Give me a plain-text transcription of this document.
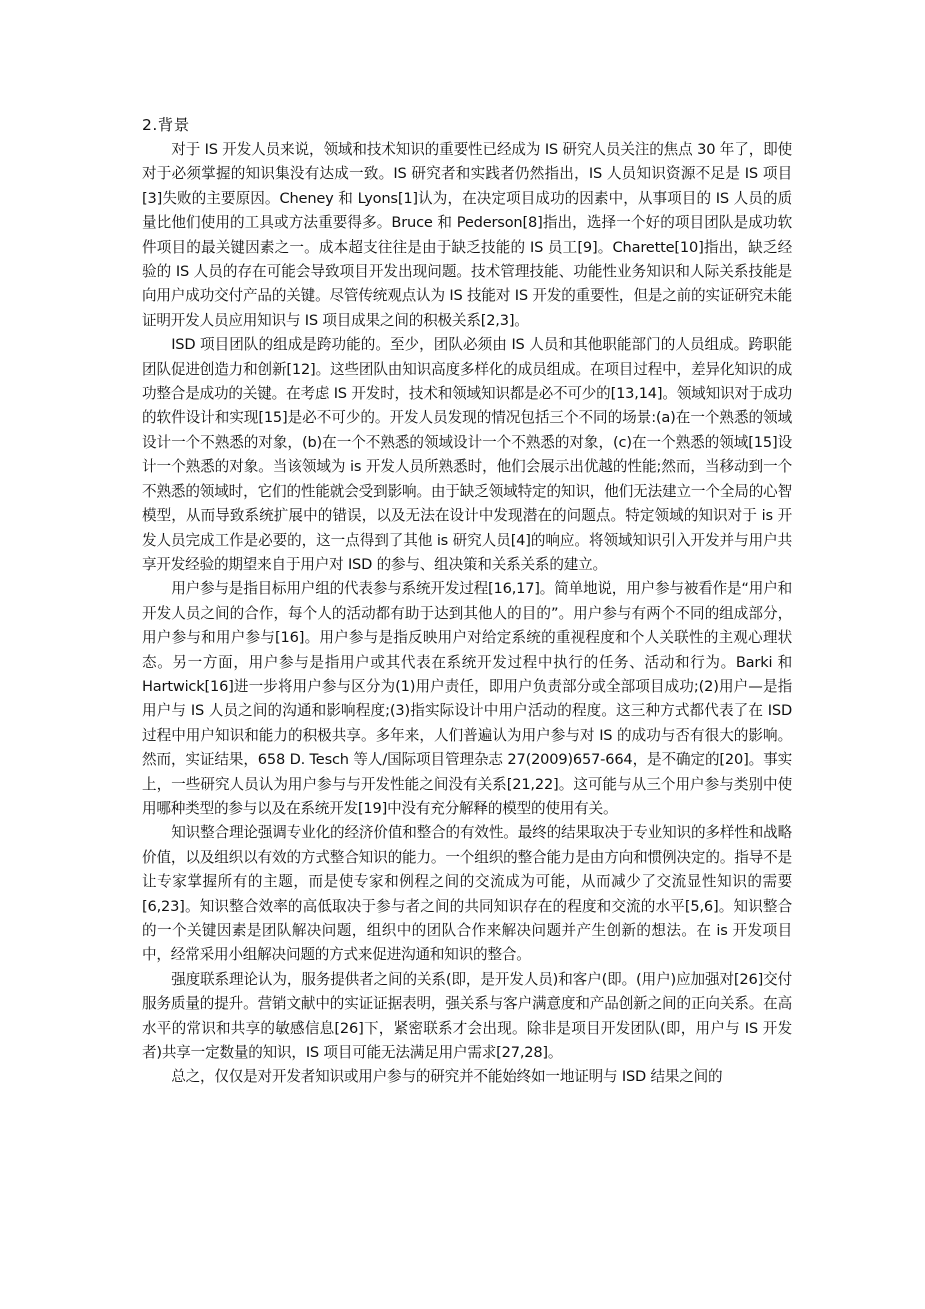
2.背景

对于 IS 开发人员来说，领域和技术知识的重要性已经成为 IS 研究人员关注的焦点 30 年了，即使对于必须掌握的知识集没有达成一致。IS 研究者和实践者仍然指出，IS 人员知识资源不足是 IS 项目[3]失败的主要原因。Cheney 和 Lyons[1]认为，在决定项目成功的因素中，从事项目的 IS 人员的质量比他们使用的工具或方法重要得多。Bruce 和 Pederson[8]指出，选择一个好的项目团队是成功软件项目的最关键因素之一。成本超支往往是由于缺乏技能的 IS 员工[9]。Charette[10]指出，缺乏经验的 IS 人员的存在可能会导致项目开发出现问题。技术管理技能、功能性业务知识和人际关系技能是向用户成功交付产品的关键。尽管传统观点认为 IS 技能对 IS 开发的重要性，但是之前的实证研究未能证明开发人员应用知识与 IS 项目成果之间的积极关系[2,3]。

ISD 项目团队的组成是跨功能的。至少，团队必须由 IS 人员和其他职能部门的人员组成。跨职能团队促进创造力和创新[12]。这些团队由知识高度多样化的成员组成。在项目过程中，差异化知识的成功整合是成功的关键。在考虑 IS 开发时，技术和领域知识都是必不可少的[13,14]。领域知识对于成功的软件设计和实现[15]是必不可少的。开发人员发现的情况包括三个不同的场景:(a)在一个熟悉的领域设计一个不熟悉的对象，(b)在一个不熟悉的领域设计一个不熟悉的对象，(c)在一个熟悉的领域[15]设计一个熟悉的对象。当该领域为 is 开发人员所熟悉时，他们会展示出优越的性能;然而，当移动到一个不熟悉的领域时，它们的性能就会受到影响。由于缺乏领域特定的知识，他们无法建立一个全局的心智模型，从而导致系统扩展中的错误，以及无法在设计中发现潜在的问题点。特定领域的知识对于 is 开发人员完成工作是必要的，这一点得到了其他 is 研究人员[4]的响应。将领域知识引入开发并与用户共享开发经验的期望来自于用户对 ISD 的参与、组决策和关系关系的建立。

用户参与是指目标用户组的代表参与系统开发过程[16,17]。简单地说，用户参与被看作是“用户和开发人员之间的合作，每个人的活动都有助于达到其他人的目的”。用户参与有两个不同的组成部分，用户参与和用户参与[16]。用户参与是指反映用户对给定系统的重视程度和个人关联性的主观心理状态。另一方面，用户参与是指用户或其代表在系统开发过程中执行的任务、活动和行为。Barki 和 Hartwick[16]进一步将用户参与区分为(1)用户责任，即用户负责部分或全部项目成功;(2)用户—是指用户与 IS 人员之间的沟通和影响程度;(3)指实际设计中用户活动的程度。这三种方式都代表了在 ISD 过程中用户知识和能力的积极共享。多年来，人们普遍认为用户参与对 IS 的成功与否有很大的影响。然而，实证结果，658 D. Tesch 等人/国际项目管理杂志 27(2009)657-664，是不确定的[20]。事实上，一些研究人员认为用户参与与开发性能之间没有关系[21,22]。这可能与从三个用户参与类别中使用哪种类型的参与以及在系统开发[19]中没有充分解释的模型的使用有关。

知识整合理论强调专业化的经济价值和整合的有效性。最终的结果取决于专业知识的多样性和战略价值，以及组织以有效的方式整合知识的能力。一个组织的整合能力是由方向和惯例决定的。指导不是让专家掌握所有的主题，而是使专家和例程之间的交流成为可能，从而减少了交流显性知识的需要[6,23]。知识整合效率的高低取决于参与者之间的共同知识存在的程度和交流的水平[5,6]。知识整合的一个关键因素是团队解决问题，组织中的团队合作来解决问题并产生创新的想法。在 is 开发项目中，经常采用小组解决问题的方式来促进沟通和知识的整合。

强度联系理论认为，服务提供者之间的关系(即，是开发人员)和客户(即。(用户)应加强对[26]交付服务质量的提升。营销文献中的实证证据表明，强关系与客户满意度和产品创新之间的正向关系。在高水平的常识和共享的敏感信息[26]下，紧密联系才会出现。除非是项目开发团队(即，用户与 IS 开发者)共享一定数量的知识，IS 项目可能无法满足用户需求[27,28]。

总之，仅仅是对开发者知识或用户参与的研究并不能始终如一地证明与 ISD 结果之间的
